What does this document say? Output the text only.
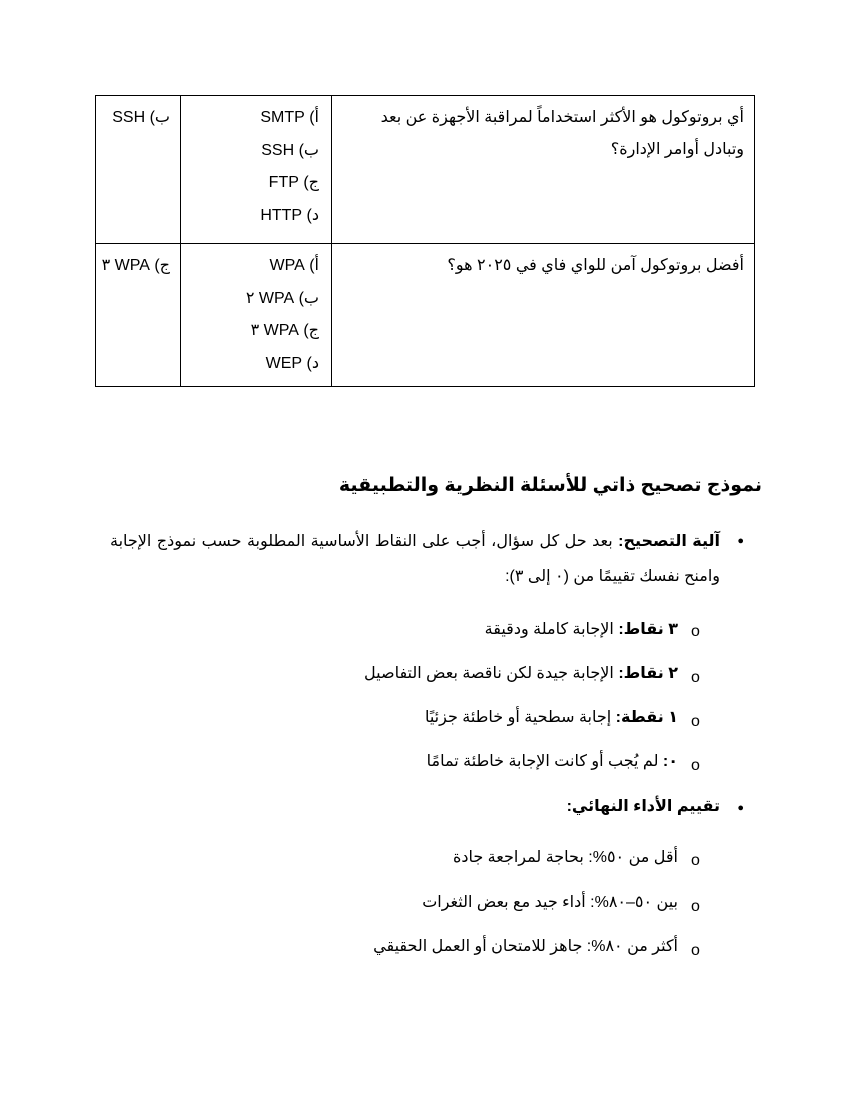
أي بروتوكول هو الأكثر استخداماً لمراقبة الأجهزة عن بعد وتبادل أوامر الإدارة؟	أ) SMTP
ب) SSH
ج) FTP
د) HTTP	ب) SSH

أفضل بروتوكول آمن للواي فاي في ٢٠٢٥ هو؟	أ) WPA
ب) WPA ٢
ج) WPA ٣
د) WEP	ج) WPA ٣
نموذج تصحيح ذاتي للأسئلة النظرية والتطبيقية
●
آلية التصحيح: بعد حل كل سؤال، أجب على النقاط الأساسية المطلوبة حسب نموذج الإجابة وامنح نفسك تقييمًا من (٠ إلى ٣):
o
٣ نقاط: الإجابة كاملة ودقيقة
o
٢ نقاط: الإجابة جيدة لكن ناقصة بعض التفاصيل
o
١ نقطة: إجابة سطحية أو خاطئة جزئيًا
o
٠: لم يُجب أو كانت الإجابة خاطئة تمامًا
●
تقييم الأداء النهائي:
o
أقل من ٥٠%: بحاجة لمراجعة جادة
o
بين ٥٠–٨٠%: أداء جيد مع بعض الثغرات
o
أكثر من ٨٠%: جاهز للامتحان أو العمل الحقيقي
